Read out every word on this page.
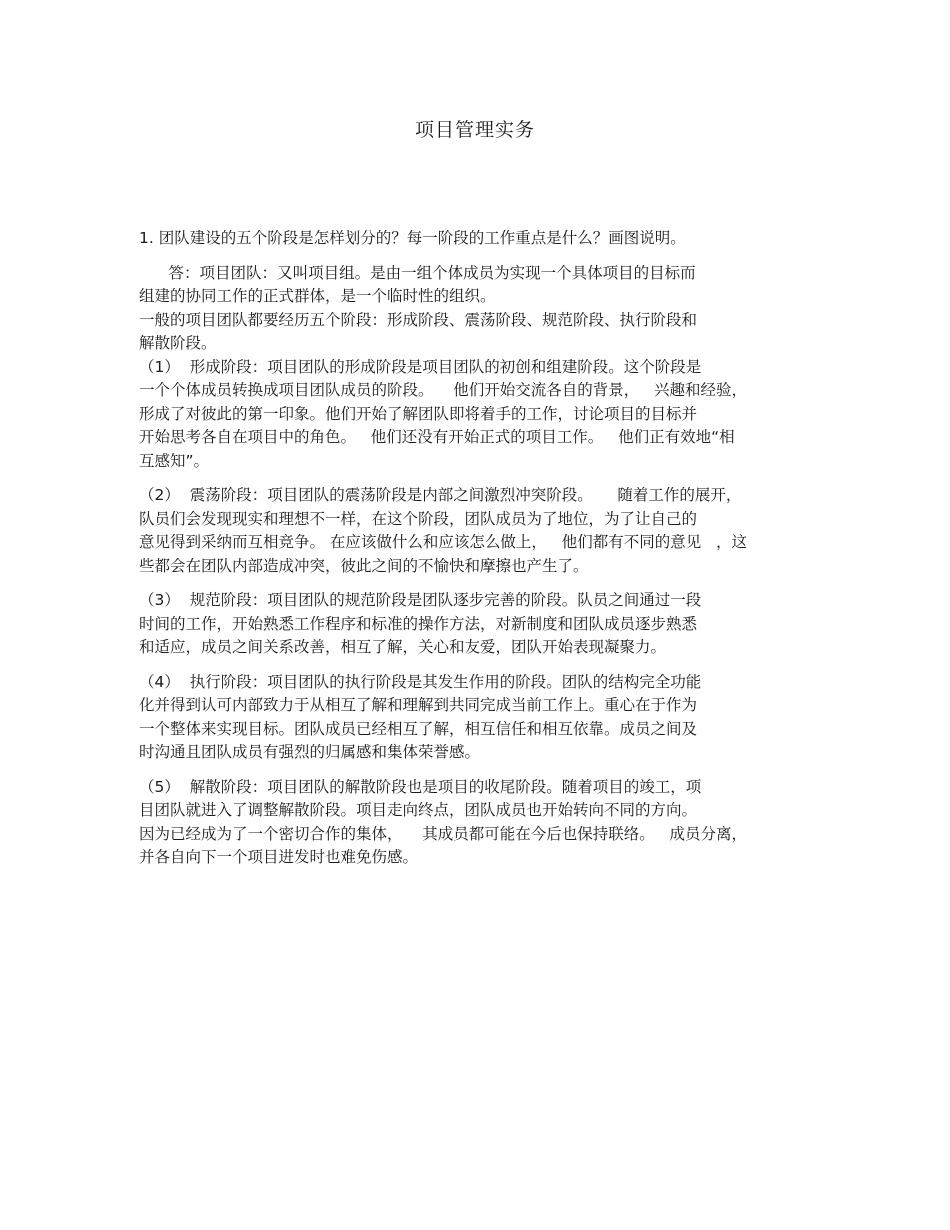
项目管理实务
1. 团队建设的五个阶段是怎样划分的？每一阶段的工作重点是什么？画图说明。
答：项目团队：又叫项目组。是由一组个体成员为实现一个具体项目的目标而
组建的协同工作的正式群体，是一个临时性的组织。
一般的项目团队都要经历五个阶段：形成阶段、震荡阶段、规范阶段、执行阶段和
解散阶段。
（1）  形成阶段：项目团队的形成阶段是项目团队的初创和组建阶段。这个阶段是
一个个体成员转换成项目团队成员的阶段。    他们开始交流各自的背景，   兴趣和经验，
形成了对彼此的第一印象。他们开始了解团队即将着手的工作，讨论项目的目标并
开始思考各自在项目中的角色。   他们还没有开始正式的项目工作。   他们正有效地“相
互感知”。
（2）  震荡阶段：项目团队的震荡阶段是内部之间激烈冲突阶段。     随着工作的展开，
队员们会发现现实和理想不一样，在这个阶段，团队成员为了地位，为了让自己的
意见得到采纳而互相竞争。 在应该做什么和应该怎么做上，   他们都有不同的意见   ，这
些都会在团队内部造成冲突，彼此之间的不愉快和摩擦也产生了。
（3）  规范阶段：项目团队的规范阶段是团队逐步完善的阶段。队员之间通过一段
时间的工作，开始熟悉工作程序和标准的操作方法，对新制度和团队成员逐步熟悉
和适应，成员之间关系改善，相互了解，关心和友爱，团队开始表现凝聚力。
（4）  执行阶段：项目团队的执行阶段是其发生作用的阶段。团队的结构完全功能
化并得到认可内部致力于从相互了解和理解到共同完成当前工作上。重心在于作为
一个整体来实现目标。团队成员已经相互了解，相互信任和相互依靠。成员之间及
时沟通且团队成员有强烈的归属感和集体荣誉感。
（5）  解散阶段：项目团队的解散阶段也是项目的收尾阶段。随着项目的竣工，项
目团队就进入了调整解散阶段。项目走向终点，团队成员也开始转向不同的方向。
因为已经成为了一个密切合作的集体，    其成员都可能在今后也保持联络。   成员分离，
并各自向下一个项目进发时也难免伤感。
